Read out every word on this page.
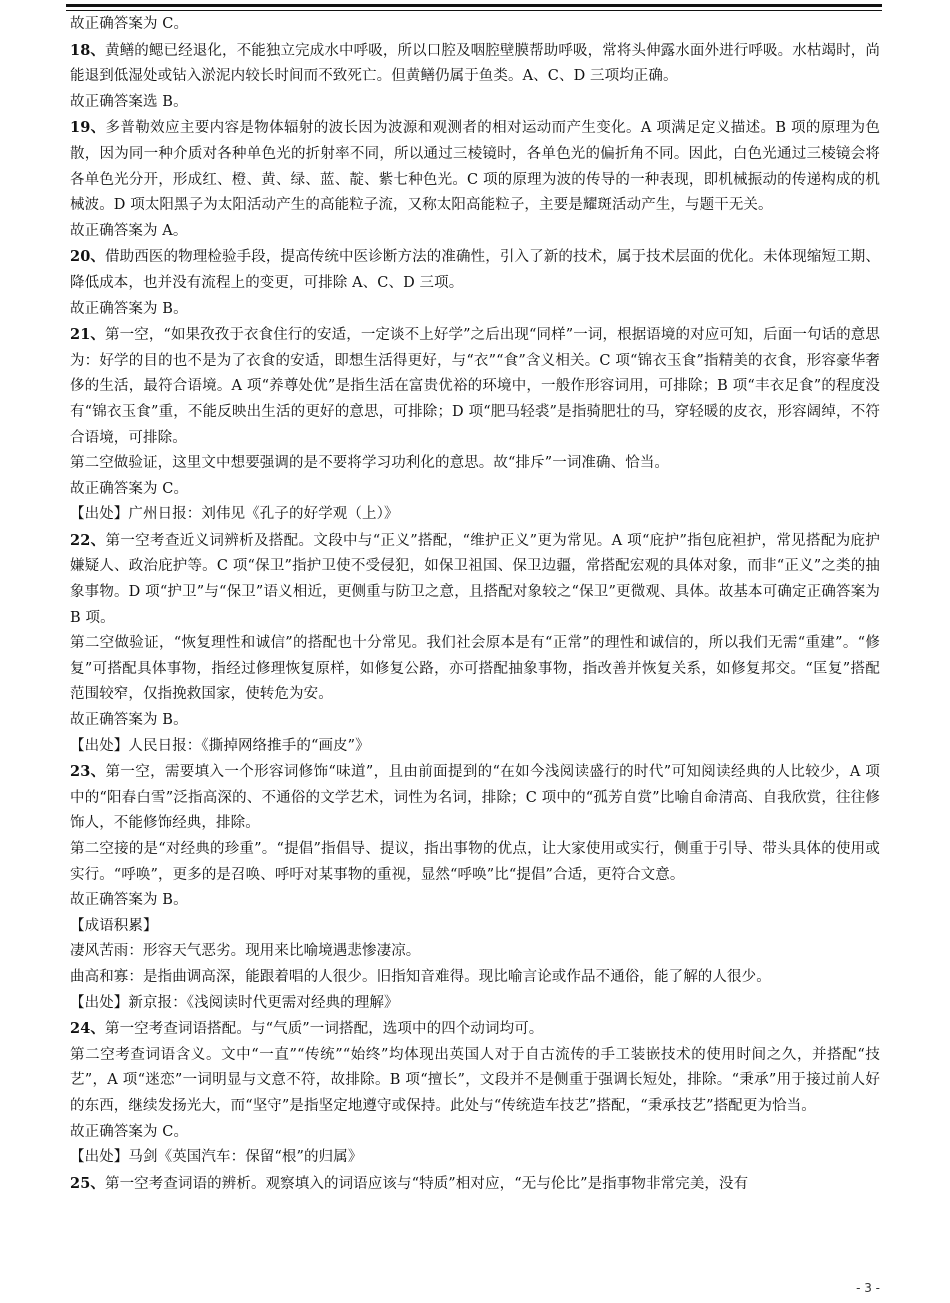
故正确答案为 C。

18、黄鳝的鳃已经退化，不能独立完成水中呼吸，所以口腔及咽腔壁膜帮助呼吸，常将头伸露水面外进行呼吸。水枯竭时，尚能退到低湿处或钻入淤泥内较长时间而不致死亡。但黄鳝仍属于鱼类。A、C、D 三项均正确。

故正确答案选 B。

19、多普勒效应主要内容是物体辐射的波长因为波源和观测者的相对运动而产生变化。A 项满足定义描述。B 项的原理为色散，因为同一种介质对各种单色光的折射率不同，所以通过三棱镜时，各单色光的偏折角不同。因此，白色光通过三棱镜会将各单色光分开，形成红、橙、黄、绿、蓝、靛、紫七种色光。C 项的原理为波的传导的一种表现，即机械振动的传递构成的机械波。D 项太阳黑子为太阳活动产生的高能粒子流，又称太阳高能粒子，主要是耀斑活动产生，与题干无关。

故正确答案为 A。

20、借助西医的物理检验手段，提高传统中医诊断方法的准确性，引入了新的技术，属于技术层面的优化。未体现缩短工期、降低成本，也并没有流程上的变更，可排除 A、C、D 三项。

故正确答案为 B。

21、第一空，“如果孜孜于衣食住行的安适，一定谈不上好学”之后出现“同样”一词，根据语境的对应可知，后面一句话的意思为：好学的目的也不是为了衣食的安适，即想生活得更好，与“衣”“食”含义相关。C 项“锦衣玉食”指精美的衣食，形容豪华奢侈的生活，最符合语境。A 项“养尊处优”是指生活在富贵优裕的环境中，一般作形容词用，可排除；B 项“丰衣足食”的程度没有“锦衣玉食”重，不能反映出生活的更好的意思，可排除；D 项“肥马轻裘”是指骑肥壮的马，穿轻暖的皮衣，形容阔绰，不符合语境，可排除。

第二空做验证，这里文中想要强调的是不要将学习功利化的意思。故“排斥”一词准确、恰当。

故正确答案为 C。

【出处】广州日报：刘伟见《孔子的好学观（上）》

22、第一空考查近义词辨析及搭配。文段中与“正义”搭配，“维护正义”更为常见。A 项“庇护”指包庇袒护，常见搭配为庇护嫌疑人、政治庇护等。C 项“保卫”指护卫使不受侵犯，如保卫祖国、保卫边疆，常搭配宏观的具体对象，而非“正义”之类的抽象事物。D 项“护卫”与“保卫”语义相近，更侧重与防卫之意，且搭配对象较之“保卫”更微观、具体。故基本可确定正确答案为 B 项。

第二空做验证，“恢复理性和诚信”的搭配也十分常见。我们社会原本是有“正常”的理性和诚信的，所以我们无需“重建”。“修复”可搭配具体事物，指经过修理恢复原样，如修复公路，亦可搭配抽象事物，指改善并恢复关系，如修复邦交。“匡复”搭配范围较窄，仅指挽救国家，使转危为安。

故正确答案为 B。

【出处】人民日报：《撕掉网络推手的“画皮”》

23、第一空，需要填入一个形容词修饰“味道”，且由前面提到的“在如今浅阅读盛行的时代”可知阅读经典的人比较少，A 项中的“阳春白雪”泛指高深的、不通俗的文学艺术，词性为名词，排除；C 项中的“孤芳自赏”比喻自命清高、自我欣赏，往往修饰人，不能修饰经典，排除。

第二空接的是“对经典的珍重”。“提倡”指倡导、提议，指出事物的优点，让大家使用或实行，侧重于引导、带头具体的使用或实行。“呼唤”，更多的是召唤、呼吁对某事物的重视，显然“呼唤”比“提倡”合适，更符合文意。

故正确答案为 B。

【成语积累】

凄风苦雨：形容天气恶劣。现用来比喻境遇悲惨凄凉。

曲高和寡：是指曲调高深，能跟着唱的人很少。旧指知音难得。现比喻言论或作品不通俗，能了解的人很少。

【出处】新京报：《浅阅读时代更需对经典的理解》

24、第一空考查词语搭配。与“气质”一词搭配，选项中的四个动词均可。

第二空考查词语含义。文中“一直”“传统”“始终”均体现出英国人对于自古流传的手工装嵌技术的使用时间之久，并搭配“技艺”，A 项“迷恋”一词明显与文意不符，故排除。B 项“擅长”，文段并不是侧重于强调长短处，排除。“秉承”用于接过前人好的东西，继续发扬光大，而“坚守”是指坚定地遵守或保持。此处与“传统造车技艺”搭配，“秉承技艺”搭配更为恰当。

故正确答案为 C。

【出处】马剑《英国汽车：保留“根”的归属》

25、第一空考查词语的辨析。观察填入的词语应该与“特质”相对应，“无与伦比”是指事物非常完美，没有

- 3 -
